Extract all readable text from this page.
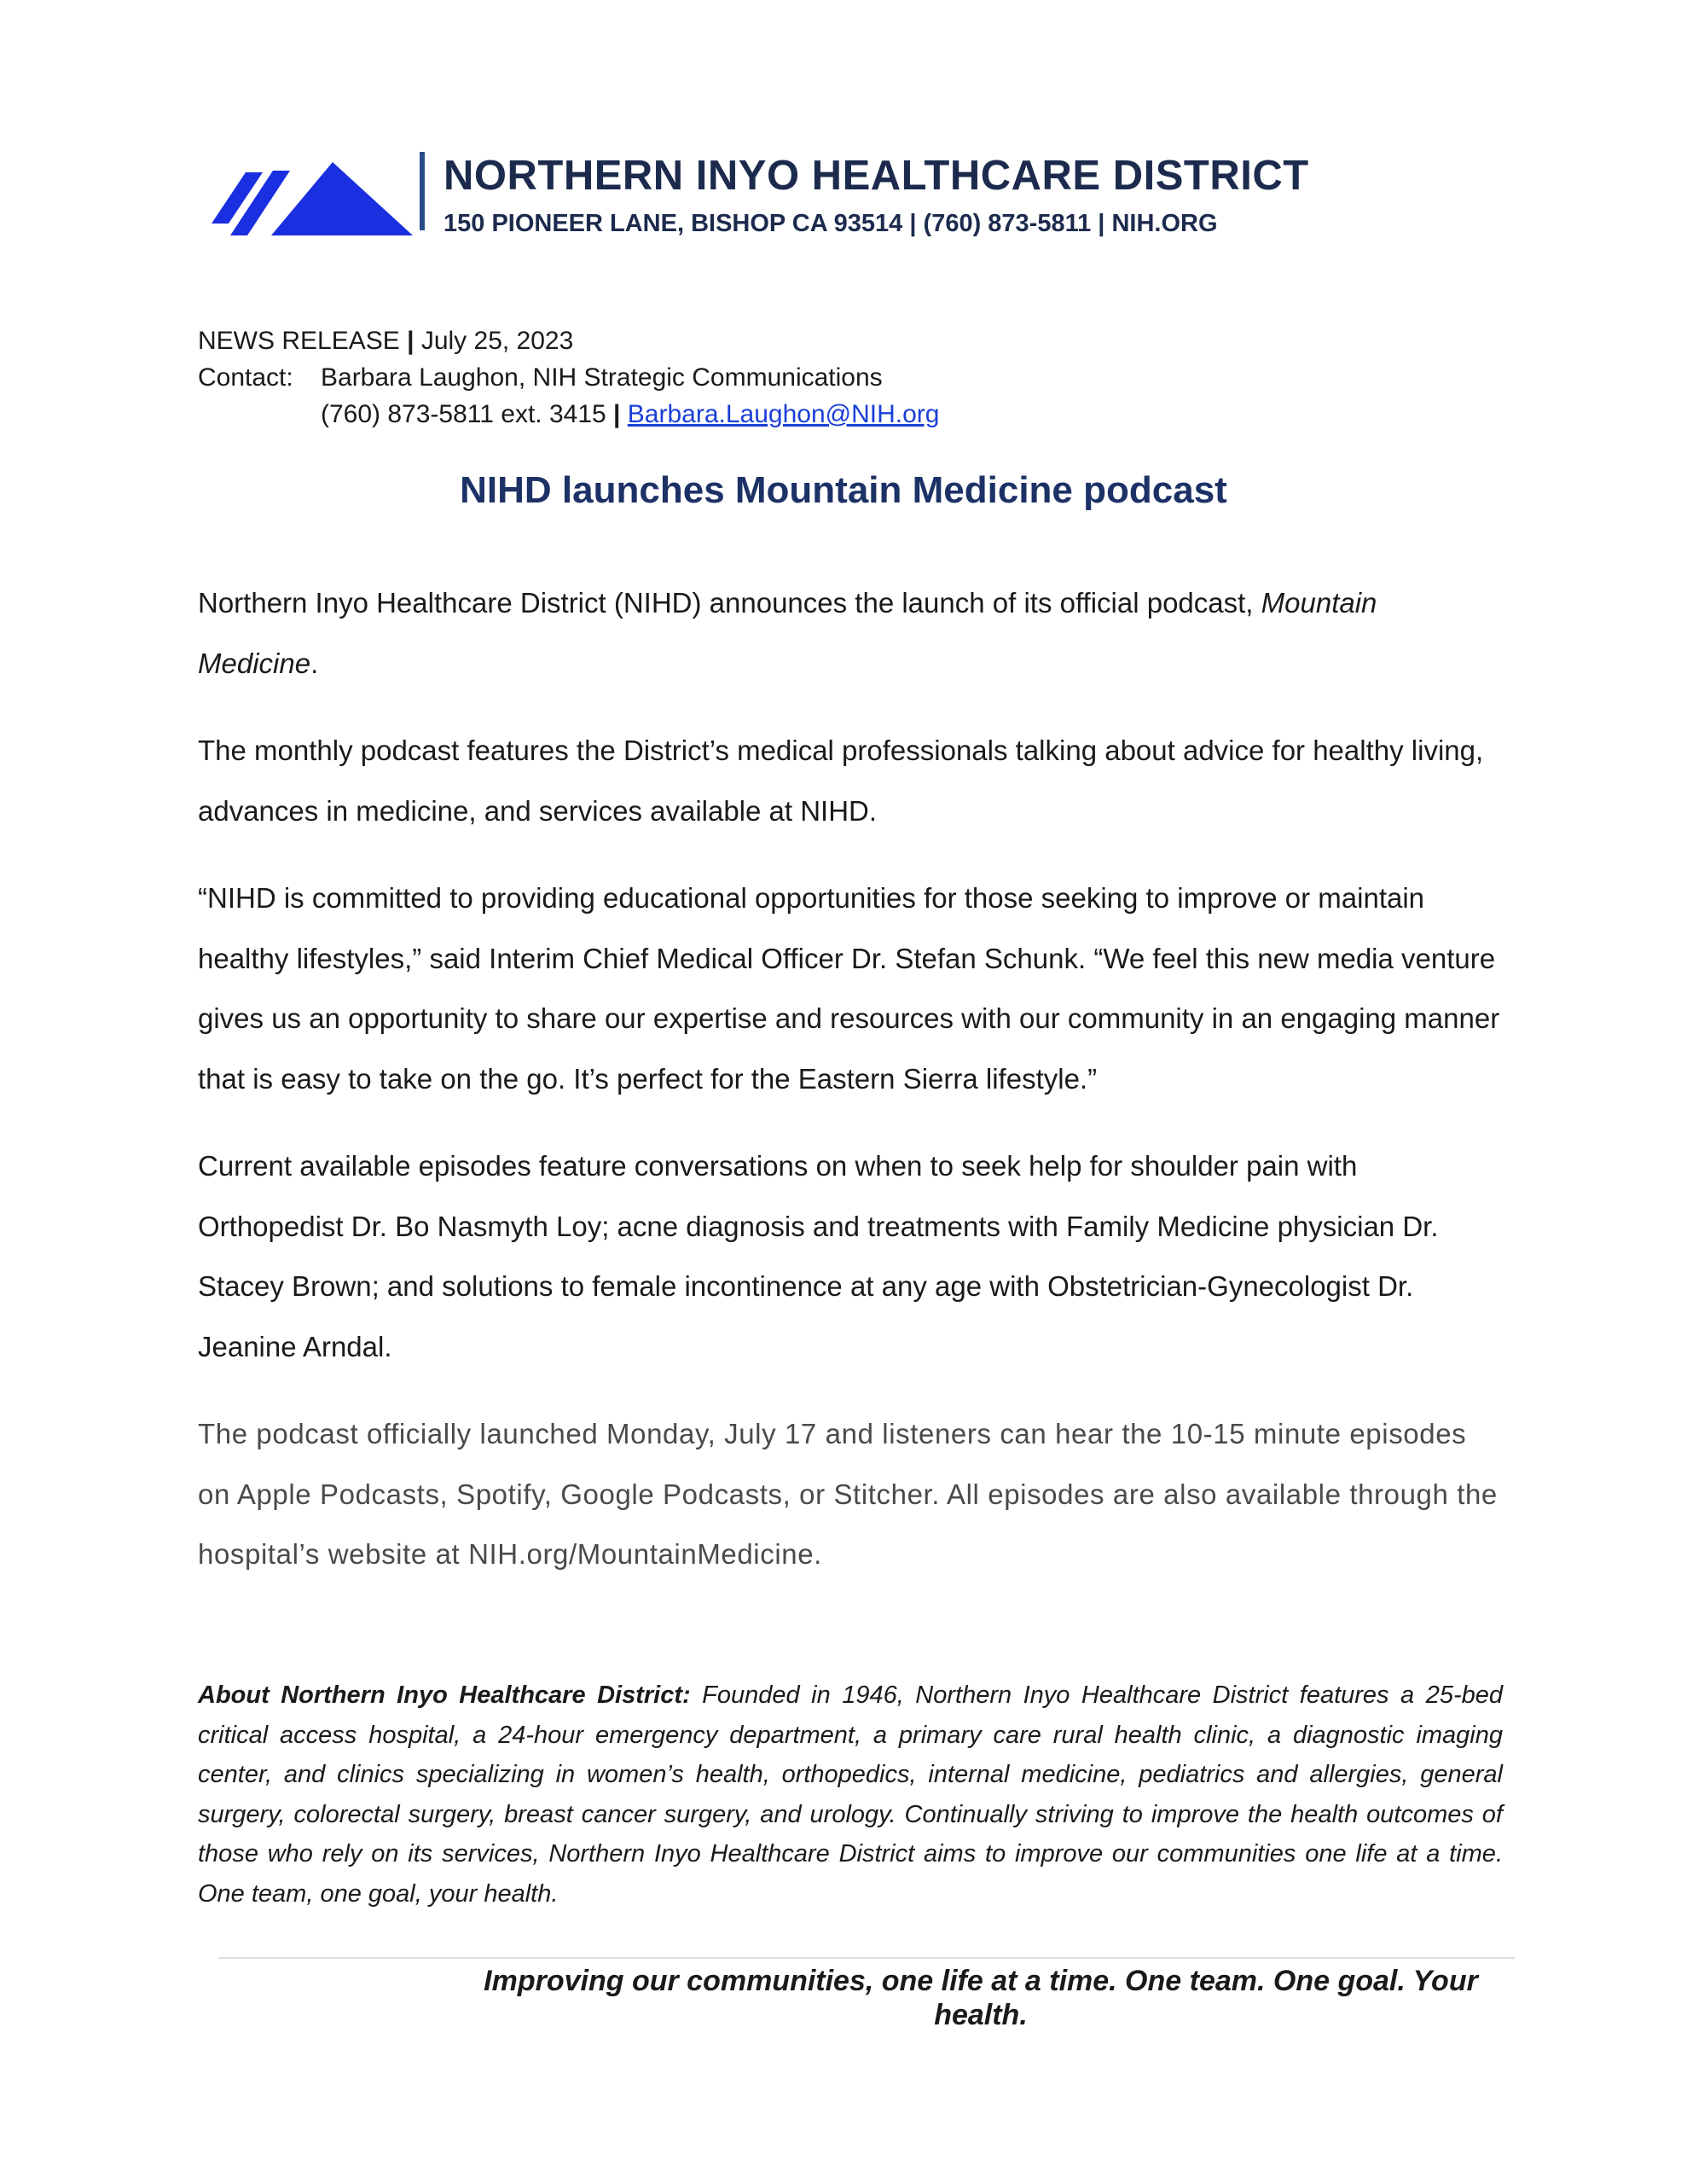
NORTHERN INYO HEALTHCARE DISTRICT
150 PIONEER LANE, BISHOP CA 93514 | (760) 873-5811 | NIH.ORG
NEWS RELEASE | July 25, 2023
Contact: Barbara Laughon, NIH Strategic Communications
(760) 873-5811 ext. 3415 | Barbara.Laughon@NIH.org
NIHD launches Mountain Medicine podcast

Northern Inyo Healthcare District (NIHD) announces the launch of its official podcast, Mountain Medicine.

The monthly podcast features the District’s medical professionals talking about advice for healthy living, advances in medicine, and services available at NIHD.

“NIHD is committed to providing educational opportunities for those seeking to improve or maintain healthy lifestyles,” said Interim Chief Medical Officer Dr. Stefan Schunk. “We feel this new media venture gives us an opportunity to share our expertise and resources with our community in an engaging manner that is easy to take on the go. It’s perfect for the Eastern Sierra lifestyle.”

Current available episodes feature conversations on when to seek help for shoulder pain with Orthopedist Dr. Bo Nasmyth Loy; acne diagnosis and treatments with Family Medicine physician Dr. Stacey Brown; and solutions to female incontinence at any age with Obstetrician-Gynecologist Dr. Jeanine Arndal.

The podcast officially launched Monday, July 17 and listeners can hear the 10-15 minute episodes on Apple Podcasts, Spotify, Google Podcasts, or Stitcher. All episodes are also available through the hospital’s website at NIH.org/MountainMedicine.

About Northern Inyo Healthcare District: Founded in 1946, Northern Inyo Healthcare District features a 25-bed critical access hospital, a 24-hour emergency department, a primary care rural health clinic, a diagnostic imaging center, and clinics specializing in women’s health, orthopedics, internal medicine, pediatrics and allergies, general surgery, colorectal surgery, breast cancer surgery, and urology. Continually striving to improve the health outcomes of those who rely on its services, Northern Inyo Healthcare District aims to improve our communities one life at a time. One team, one goal, your health.
Improving our communities, one life at a time. One team. One goal. Your health.
